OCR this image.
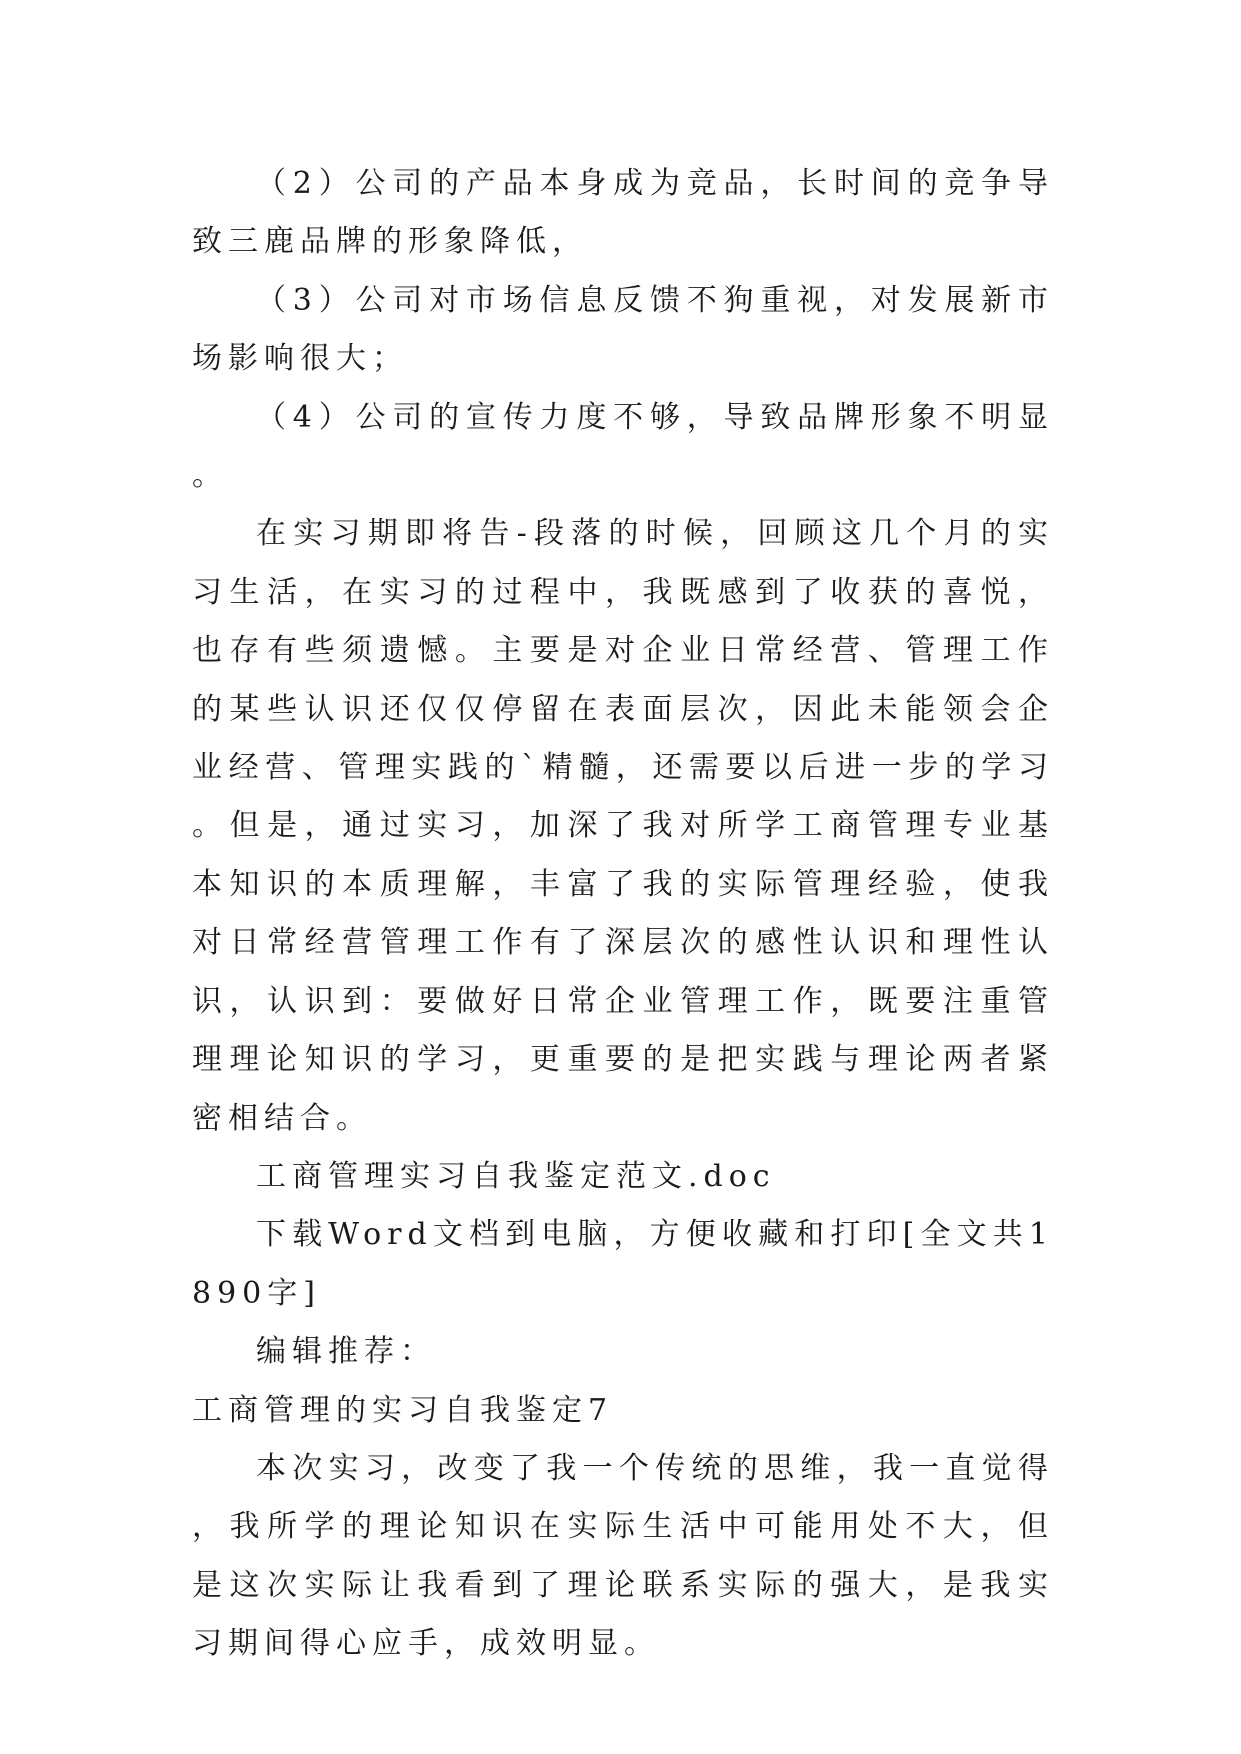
（2）公司的产品本身成为竞品，长时间的竞争导致三鹿品牌的形象降低，

（3）公司对市场信息反馈不狗重视，对发展新市场影响很大；

（4）公司的宣传力度不够，导致品牌形象不明显。

在实习期即将告-段落的时候，回顾这几个月的实习生活，在实习的过程中，我既感到了收获的喜悦，也存有些须遗憾。主要是对企业日常经营、管理工作的某些认识还仅仅停留在表面层次，因此未能领会企业经营、管理实践的`精髓，还需要以后进一步的学习。但是，通过实习，加深了我对所学工商管理专业基本知识的本质理解，丰富了我的实际管理经验，使我对日常经营管理工作有了深层次的感性认识和理性认识，认识到：要做好日常企业管理工作，既要注重管理理论知识的学习，更重要的是把实践与理论两者紧密相结合。

工商管理实习自我鉴定范文.doc

下载Word文档到电脑，方便收藏和打印[全文共1890字]

编辑推荐：

工商管理的实习自我鉴定7

本次实习，改变了我一个传统的思维，我一直觉得，我所学的理论知识在实际生活中可能用处不大，但是这次实际让我看到了理论联系实际的强大，是我实习期间得心应手，成效明显。
